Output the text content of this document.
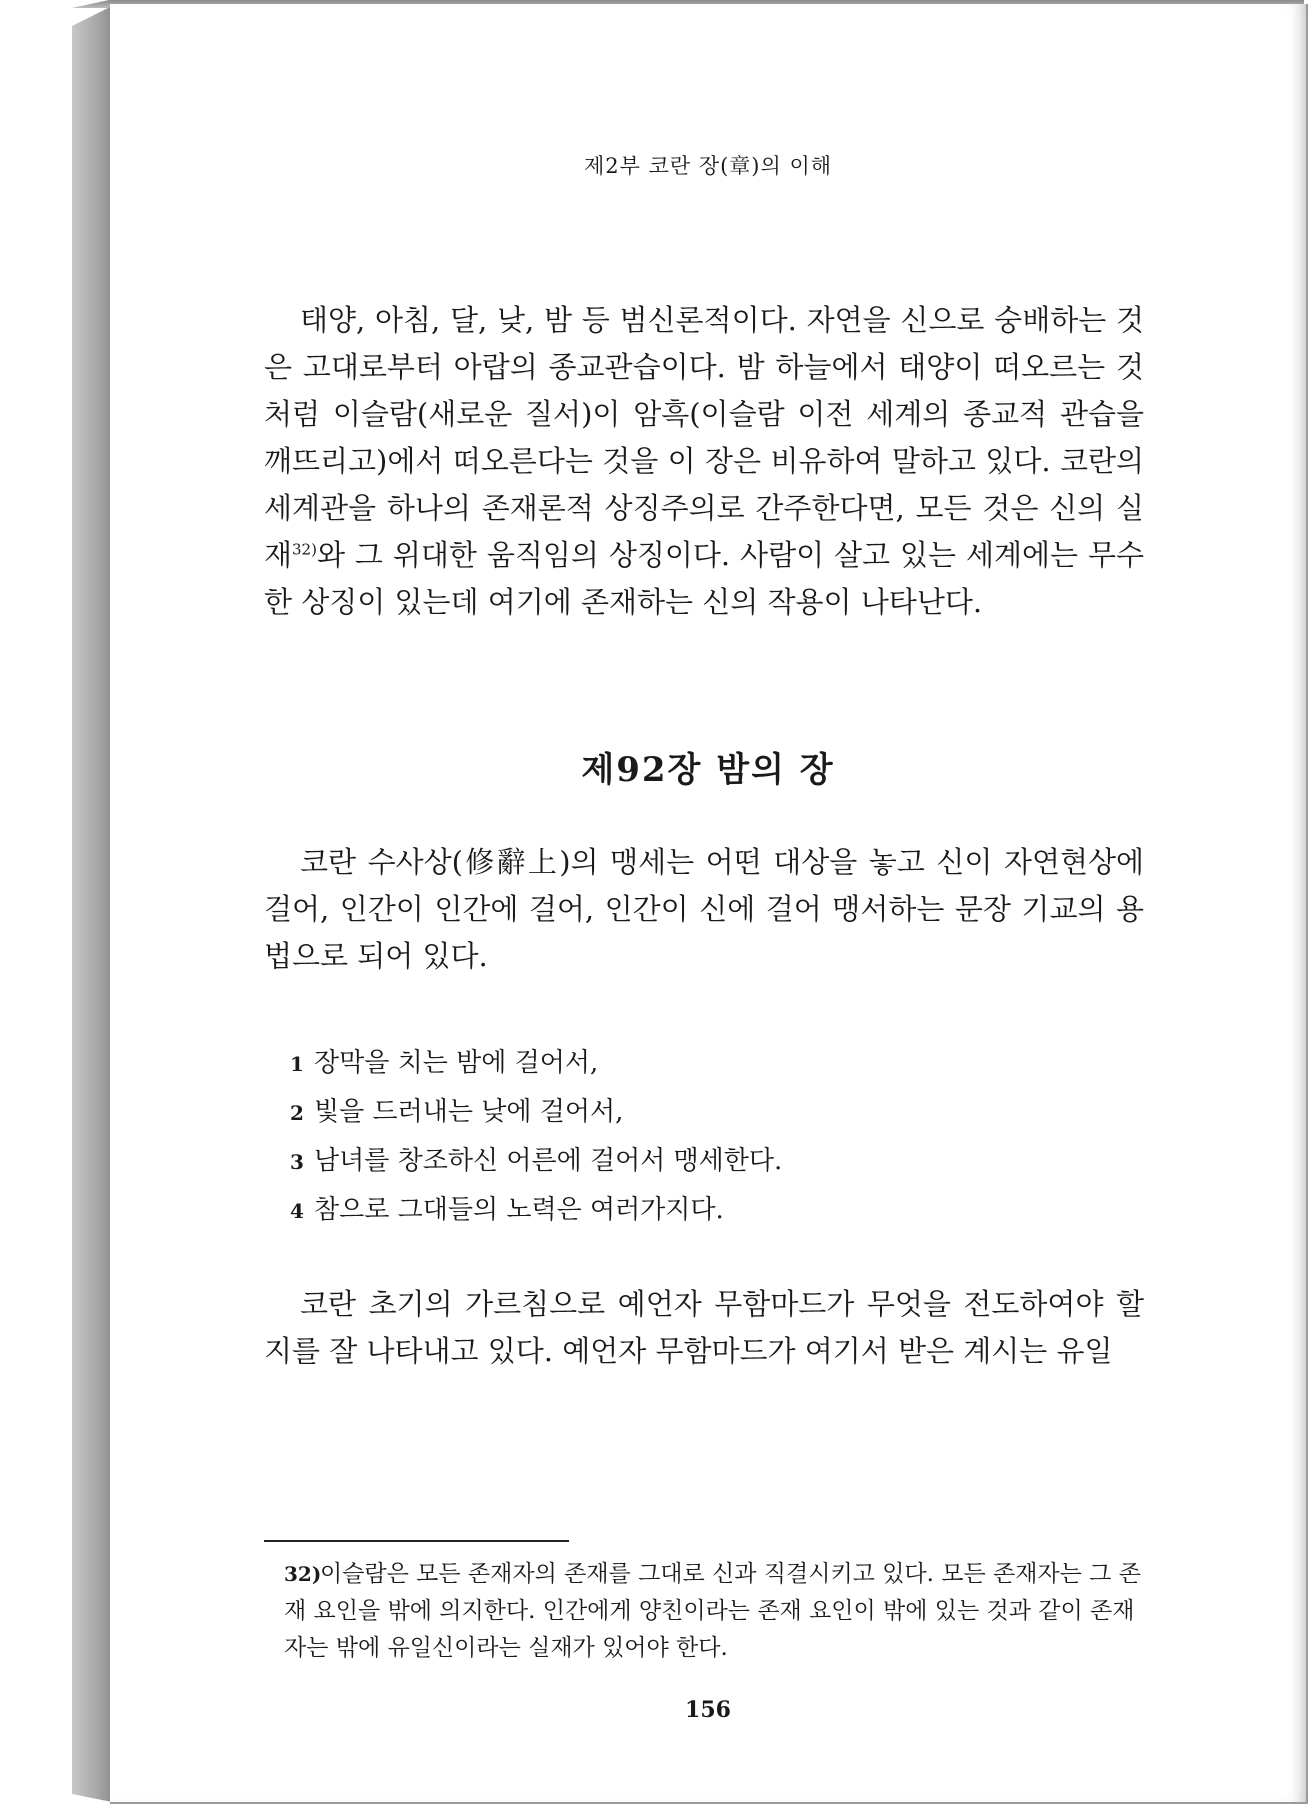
제2부 코란 장(章)의 이해

태양, 아침, 달, 낮, 밤 등 범신론적이다. 자연을 신으로 숭배하는 것은 고대로부터 아랍의 종교관습이다. 밤 하늘에서 태양이 떠오르는 것처럼 이슬람(새로운 질서)이 암흑(이슬람 이전 세계의 종교적 관습을 깨뜨리고)에서 떠오른다는 것을 이 장은 비유하여 말하고 있다. 코란의 세계관을 하나의 존재론적 상징주의로 간주한다면, 모든 것은 신의 실재$^{32)}$와 그 위대한 움직임의 상징이다. 사람이 살고 있는 세계에는 무수한 상징이 있는데 여기에 존재하는 신의 작용이 나타난다.

제92장 밤의 장

코란 수사상(修辭上)의 맹세는 어떤 대상을 놓고 신이 자연현상에 걸어, 인간이 인간에 걸어, 인간이 신에 걸어 맹서하는 문장 기교의 용법으로 되어 있다.

1 장막을 치는 밤에 걸어서,
2 빛을 드러내는 낮에 걸어서,
3 남녀를 창조하신 어른에 걸어서 맹세한다.
4 참으로 그대들의 노력은 여러가지다.

코란 초기의 가르침으로 예언자 무함마드가 무엇을 전도하여야 할지를 잘 나타내고 있다. 예언자 무함마드가 여기서 받은 계시는 유일

32)이슬람은 모든 존재자의 존재를 그대로 신과 직결시키고 있다. 모든 존재자는 그 존재 요인을 밖에 의지한다. 인간에게 양친이라는 존재 요인이 밖에 있는 것과 같이 존재자는 밖에 유일신이라는 실재가 있어야 한다.

156
